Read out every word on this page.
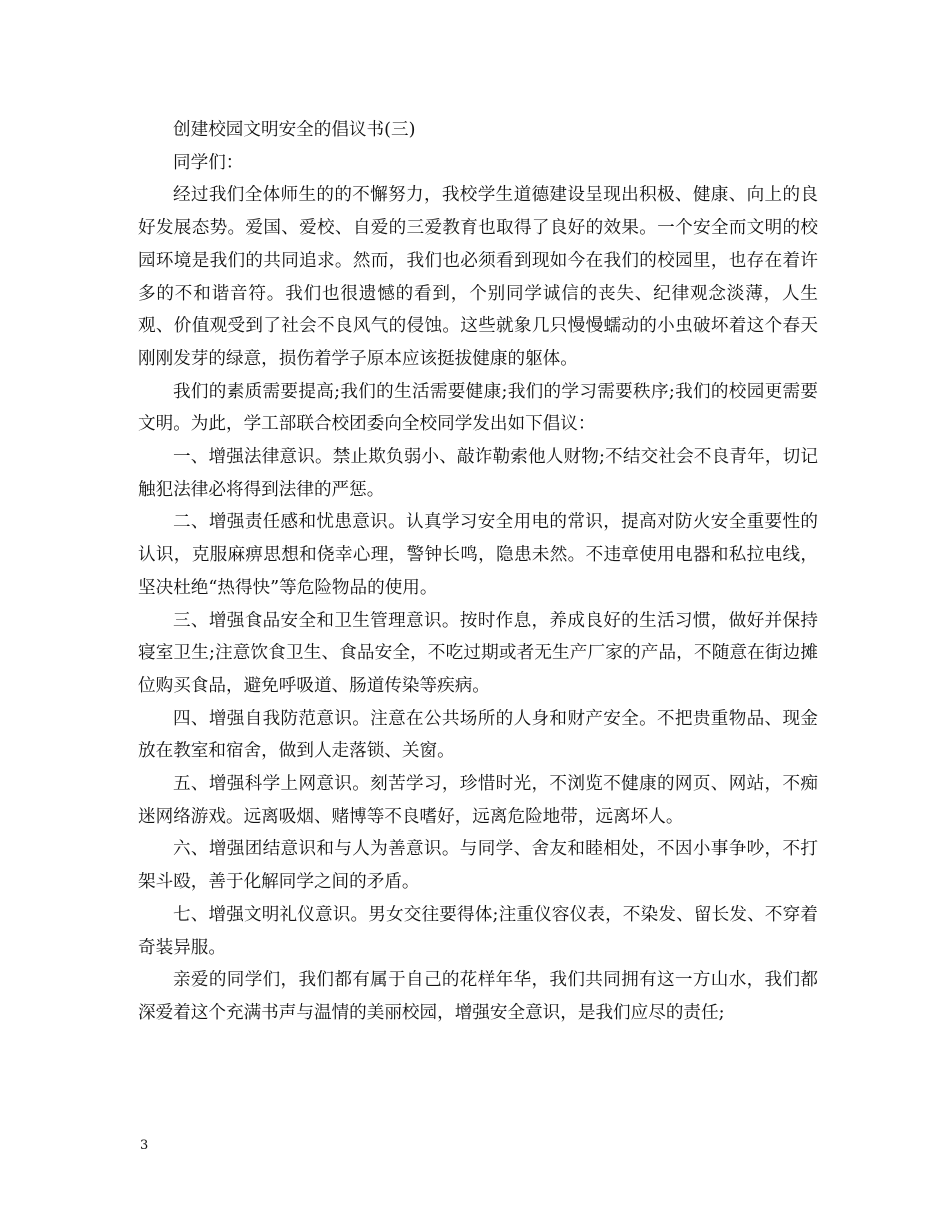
创建校园文明安全的倡议书(三)

同学们：

经过我们全体师生的的不懈努力，我校学生道德建设呈现出积极、健康、向上的良好发展态势。爱国、爱校、自爱的三爱教育也取得了良好的效果。一个安全而文明的校园环境是我们的共同追求。然而，我们也必须看到现如今在我们的校园里，也存在着许多的不和谐音符。我们也很遗憾的看到，个别同学诚信的丧失、纪律观念淡薄，人生观、价值观受到了社会不良风气的侵蚀。这些就象几只慢慢蠕动的小虫破坏着这个春天刚刚发芽的绿意，损伤着学子原本应该挺拔健康的躯体。

我们的素质需要提高;我们的生活需要健康;我们的学习需要秩序;我们的校园更需要文明。为此，学工部联合校团委向全校同学发出如下倡议：

一、增强法律意识。禁止欺负弱小、敲诈勒索他人财物;不结交社会不良青年，切记触犯法律必将得到法律的严惩。

二、增强责任感和忧患意识。认真学习安全用电的常识，提高对防火安全重要性的认识，克服麻痹思想和侥幸心理，警钟长鸣，隐患未然。不违章使用电器和私拉电线，坚决杜绝“热得快”等危险物品的使用。

三、增强食品安全和卫生管理意识。按时作息，养成良好的生活习惯，做好并保持寝室卫生;注意饮食卫生、食品安全，不吃过期或者无生产厂家的产品，不随意在街边摊位购买食品，避免呼吸道、肠道传染等疾病。

四、增强自我防范意识。注意在公共场所的人身和财产安全。不把贵重物品、现金放在教室和宿舍，做到人走落锁、关窗。

五、增强科学上网意识。刻苦学习，珍惜时光，不浏览不健康的网页、网站，不痴迷网络游戏。远离吸烟、赌博等不良嗜好，远离危险地带，远离坏人。

六、增强团结意识和与人为善意识。与同学、舍友和睦相处，不因小事争吵，不打架斗殴，善于化解同学之间的矛盾。

七、增强文明礼仪意识。男女交往要得体;注重仪容仪表，不染发、留长发、不穿着奇装异服。

亲爱的同学们，我们都有属于自己的花样年华，我们共同拥有这一方山水，我们都深爱着这个充满书声与温情的美丽校园，增强安全意识，是我们应尽的责任;

3
